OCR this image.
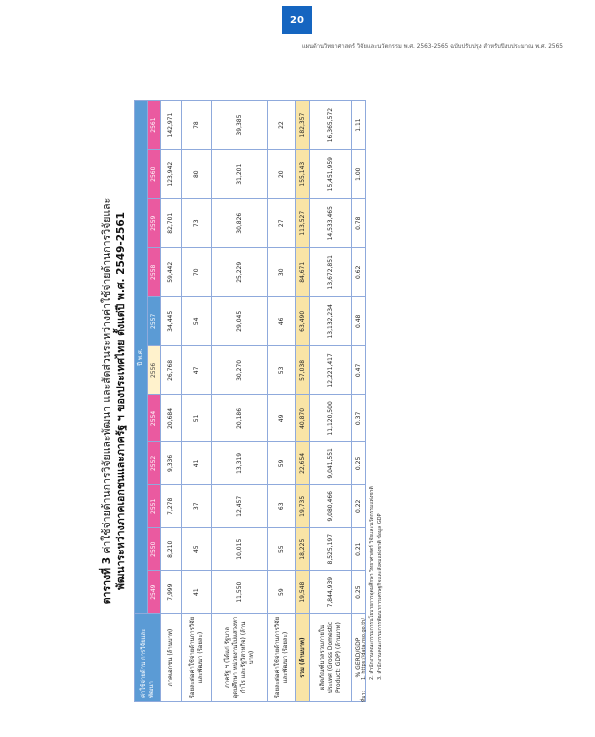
20
แผนด้านวิทยาศาสตร์ วิจัยและนวัตกรรม พ.ศ. 2563-2565 ฉบับปรับปรุง สำหรับปีงบประมาณ พ.ศ. 2565
ตารางที่ 3 ค่าใช้จ่ายด้านการวิจัยและพัฒนา และสัดส่วนระหว่างค่าใช้จ่ายด้านการวิจัยและ พัฒนาระหว่างภาคเอกชนและภาครัฐ ฯ ของประเทศไทย ตั้งแต่ปี พ.ศ. 2549-2561
ค่าใช้จ่ายด้าน การวิจัยและพัฒนา	ปี พ.ศ.										
	2549	2550	2551	2552	2554	2556	2557	2558	2559	2560	2561
ภาคเอกชน (ล้านบาท)	7,999	8,210	7,278	9,336	20,684	26,768	34,445	59,442	82,701	123,942	142,971
ร้อยละต่อค่าใช้จ่ายด้านการวิจัยและพัฒนา (ร้อยละ)	41	45	37	41	51	47	54	70	73	80	78
ภาครัฐ ฯ (ได้แก่ รัฐบาล อุดมศึกษา หน่วยงานไม่แสวงหากำไร และรัฐวิสาหกิจ) (ล้านบาท)	11,550	10,015	12,457	13,319	20,186	30,270	29,045	25,229	30,826	31,201	39,385
ร้อยละต่อค่าใช้จ่ายด้านการวิจัยและพัฒนา (ร้อยละ)	59	55	63	59	49	53	46	30	27	20	22
รวม (ล้านบาท)	19,548	18,225	19,735	22,654	40,870	57,038	63,490	84,671	113,527	155,143	182,357
ผลิตภัณฑ์มวลรวมภายในประเทศ (Gross Domestic Product: GDP) (ล้านบาท)	7,844,939	8,525,197	9,080,466	9,041,551	11,120,500	12,221,417	13,132,234	13,672,851	14,533,465	15,451,959	16,365,572
% GERD/GDP	0.25	0.21	0.22	0.25	0.37	0.47	0.48	0.62	0.78	1.00	1.11
ที่มา:
1. https://data.nso.go.th/ 2. สำนักงานคณะกรรมการนโยบายการอุดมศึกษา วิทยาศาสตร์ วิจัยและนวัตกรรมแห่งชาติ 3. สำนักงานคณะกรรมการพัฒนาการเศรษฐกิจและสังคมแห่งชาติ ข้อมูล GDP
